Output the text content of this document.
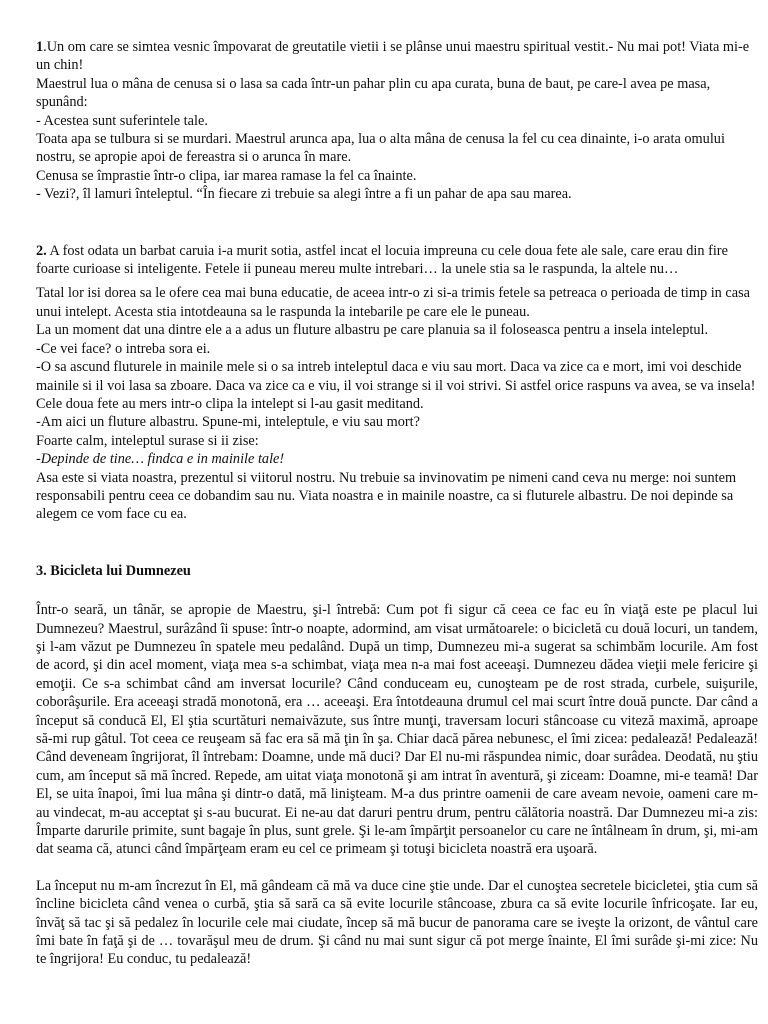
1.Un om care se simtea vesnic împovarat de greutatile vietii i se plânse unui maestru spiritual vestit.- Nu mai pot! Viata mi-e un chin!

Maestrul lua o mâna de cenusa si o lasa sa cada într-un pahar plin cu apa curata, buna de baut, pe care-l avea pe masa, spunând:

- Acestea sunt suferintele tale.

Toata apa se tulbura si se murdari. Maestrul arunca apa, lua o alta mâna de cenusa la fel cu cea dinainte, i-o arata omului nostru, se apropie apoi de fereastra si o arunca în mare.

Cenusa se împrastie într-o clipa, iar marea ramase la fel ca înainte.

- Vezi?, îl lamuri înteleptul. “În fiecare zi trebuie sa alegi între a fi un pahar de apa sau marea.

2. A fost odata un barbat caruia i-a murit sotia, astfel incat el locuia impreuna cu cele doua fete ale sale, care erau din fire foarte curioase si inteligente. Fetele ii puneau mereu multe intrebari… la unele stia sa le raspunda, la altele nu…

Tatal lor isi dorea sa le ofere cea mai buna educatie, de aceea intr-o zi si-a trimis fetele sa petreaca o perioada de timp in casa unui intelept. Acesta stia intotdeauna sa le raspunda la intebarile pe care ele le puneau.

La un moment dat una dintre ele a a adus un fluture albastru pe care planuia sa il foloseasca pentru a insela inteleptul.

-Ce vei face? o intreba sora ei.

-O sa ascund fluturele in mainile mele si o sa intreb inteleptul daca e viu sau mort. Daca va zice ca e mort, imi voi deschide mainile si il voi lasa sa zboare. Daca va zice ca e viu, il voi strange si il voi strivi. Si astfel orice raspuns va avea, se va insela!

Cele doua fete au mers intr-o clipa la intelept si l-au gasit meditand.

-Am aici un fluture albastru. Spune-mi, inteleptule, e viu sau mort?

Foarte calm, inteleptul surase si ii zise:

-Depinde de tine… findca e in mainile tale!

Asa este si viata noastra, prezentul si viitorul nostru. Nu trebuie sa invinovatim pe nimeni cand ceva nu merge: noi suntem responsabili pentru ceea ce dobandim sau nu. Viata noastra e in mainile noastre, ca si fluturele albastru. De noi depinde sa alegem ce vom face cu ea.

3. Bicicleta lui Dumnezeu

Într-o seară, un tânăr, se apropie de Maestru, şi-l întrebă: Cum pot fi sigur că ceea ce fac eu în viaţă este pe placul lui Dumnezeu? Maestrul, surâzând îi spuse: într-o noapte, adormind, am visat următoarele: o bicicletă cu două locuri, un tandem, şi l-am văzut pe Dumnezeu în spatele meu pedalând. După un timp, Dumnezeu mi-a sugerat sa schimbăm locurile. Am fost de acord, şi din acel moment, viaţa mea s-a schimbat, viaţa mea n-a mai fost aceeaşi. Dumnezeu dădea vieţii mele fericire şi emoţii. Ce s-a schimbat când am inversat locurile? Când conduceam eu, cunoşteam pe de rost strada, curbele, suişurile, coborâşurile. Era aceeaşi stradă monotonă, era … aceeaşi. Era întotdeauna drumul cel mai scurt între două puncte. Dar când a început să conducă El, El ştia scurtături nemaivăzute, sus între munţi, traversam locuri stâncoase cu viteză maximă, aproape să-mi rup gâtul. Tot ceea ce reuşeam să fac era să mă ţin în şa. Chiar dacă părea nebunesc, el îmi zicea: pedalează! Pedalează! Când deveneam îngrijorat, îl întrebam: Doamne, unde mă duci? Dar El nu-mi răspundea nimic, doar surâdea. Deodată, nu ştiu cum, am început să mă încred. Repede, am uitat viaţa monotonă şi am intrat în aventură, şi ziceam: Doamne, mi-e teamă! Dar El, se uita înapoi, îmi lua mâna şi dintr-o dată, mă linişteam. M-a dus printre oamenii de care aveam nevoie, oameni care m-au vindecat, m-au acceptat şi s-au bucurat. Ei ne-au dat daruri pentru drum, pentru călătoria noastră. Dar Dumnezeu mi-a zis: Împarte darurile primite, sunt bagaje în plus, sunt grele. Şi le-am împărţit persoanelor cu care ne întâlneam în drum, şi, mi-am dat seama că, atunci când împărţeam eram eu cel ce primeam şi totuşi bicicleta noastră era uşoară.

La început nu m-am încrezut în El, mă gândeam că mă va duce cine ştie unde. Dar el cunoştea secretele bicicletei, ştia cum să încline bicicleta când venea o curbă, ştia să sară ca să evite locurile stâncoase, zbura ca să evite locurile înfricoşate. Iar eu, învăţ să tac şi să pedalez în locurile cele mai ciudate, încep să mă bucur de panorama care se iveşte la orizont, de vântul care îmi bate în faţă şi de … tovarăşul meu de drum. Şi când nu mai sunt sigur că pot merge înainte, El îmi surâde şi-mi zice: Nu te îngrijora! Eu conduc, tu pedalează!
